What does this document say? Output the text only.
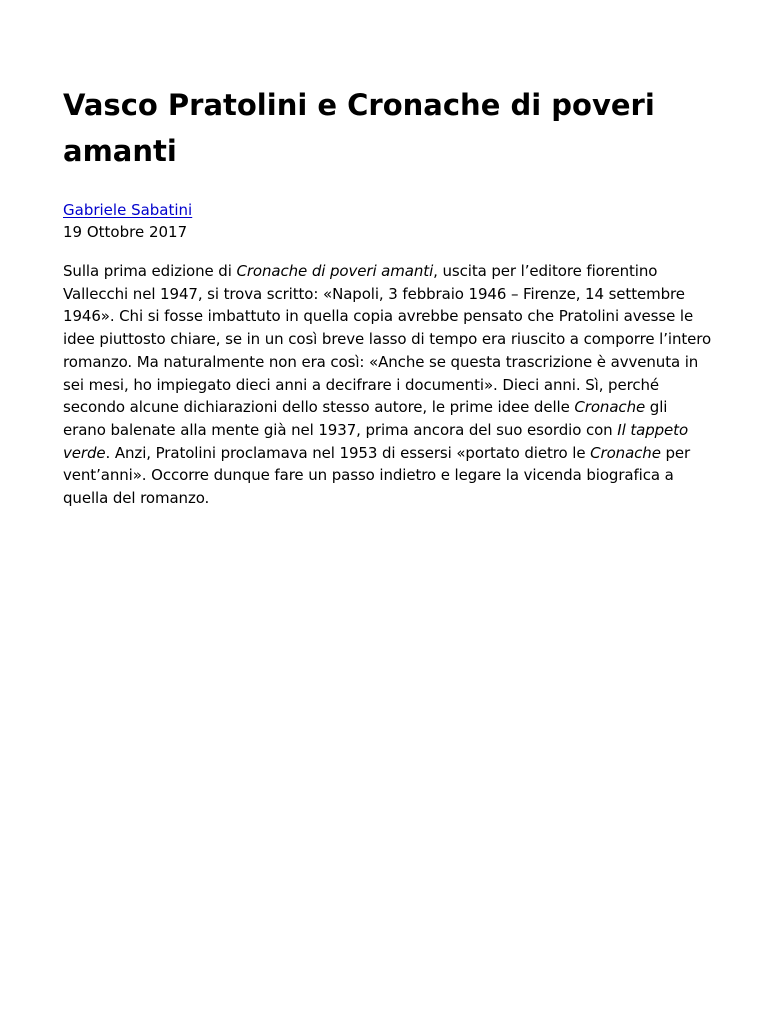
Vasco Pratolini e Cronache di poveri amanti
Gabriele Sabatini
19 Ottobre 2017

Sulla prima edizione di Cronache di poveri amanti, uscita per l’editore fiorentino Vallecchi nel 1947, si trova scritto: «Napoli, 3 febbraio 1946 – Firenze, 14 settembre 1946». Chi si fosse imbattuto in quella copia avrebbe pensato che Pratolini avesse le idee piuttosto chiare, se in un così breve lasso di tempo era riuscito a comporre l’intero romanzo. Ma naturalmente non era così: «Anche se questa trascrizione è avvenuta in sei mesi, ho impiegato dieci anni a decifrare i documenti». Dieci anni. Sì, perché secondo alcune dichiarazioni dello stesso autore, le prime idee delle Cronache gli erano balenate alla mente già nel 1937, prima ancora del suo esordio con Il tappeto verde. Anzi, Pratolini proclamava nel 1953 di essersi «portato dietro le Cronache per vent’anni». Occorre dunque fare un passo indietro e legare la vicenda biografica a quella del romanzo.
